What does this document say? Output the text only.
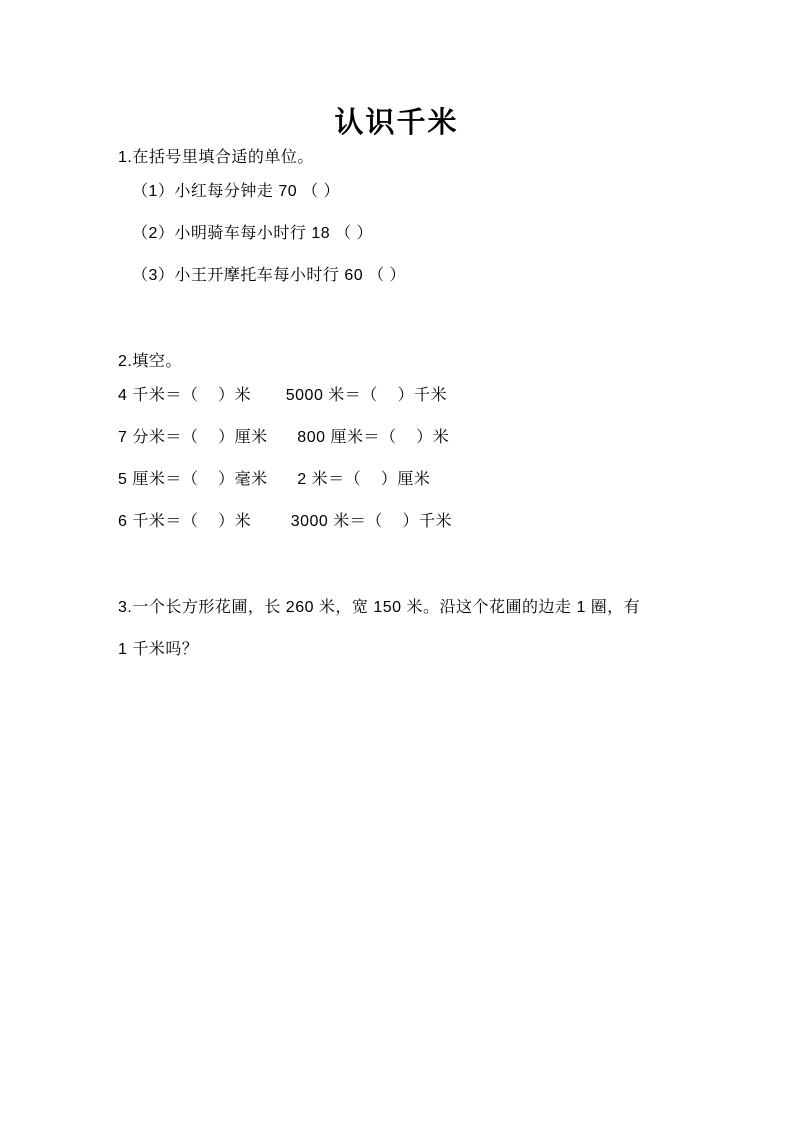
认识千米
1.在括号里填合适的单位。
（1）小红每分钟走 70 （ ）
（2）小明骑车每小时行 18 （ ）
（3）小王开摩托车每小时行 60 （ ）
2.填空。
4 千米＝（    ）米       5000 米＝（    ）千米
7 分米＝（    ）厘米      800 厘米＝（    ）米
5 厘米＝（    ）毫米      2 米＝（    ）厘米
6 千米＝（    ）米        3000 米＝（    ）千米
3.一个长方形花圃，长 260 米，宽 150 米。沿这个花圃的边走 1 圈，有
1 千米吗？
